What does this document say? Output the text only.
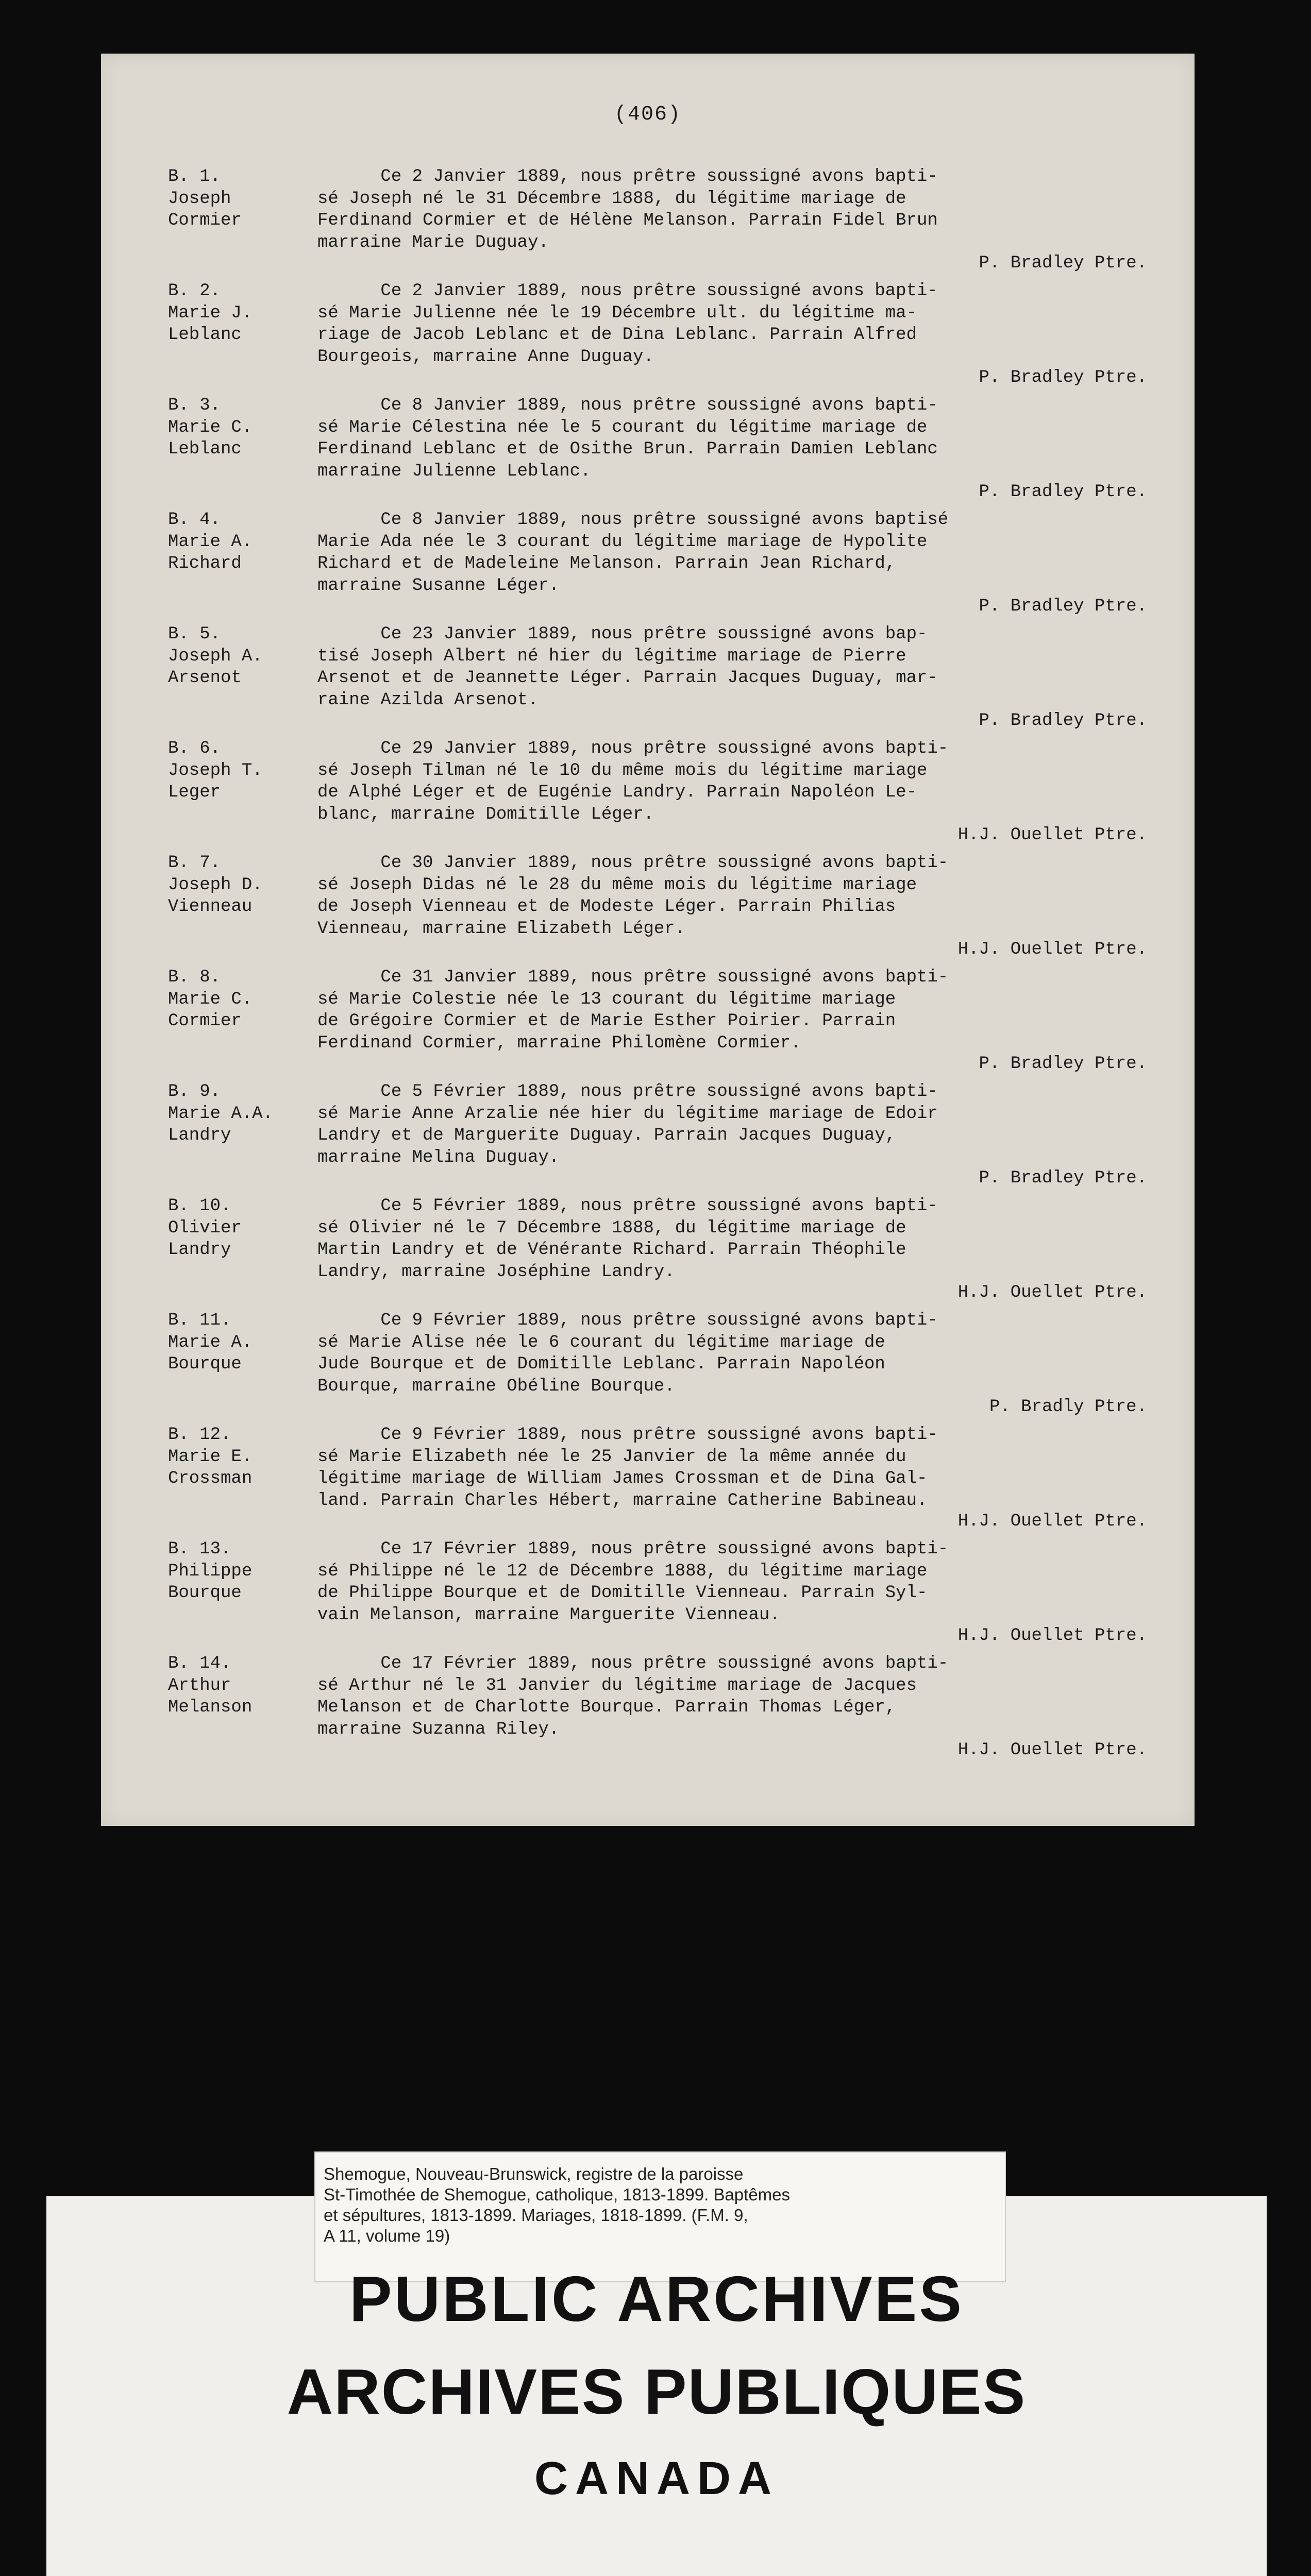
(406)
B. 1.
Joseph
Cormier
Ce 2 Janvier 1889, nous prêtre soussigné avons bapti-
sé Joseph né le 31 Décembre 1888, du légitime mariage de
Ferdinand Cormier et de Hélène Melanson. Parrain Fidel Brun
marraine Marie Duguay.
P. Bradley Ptre.
B. 2.
Marie J.
Leblanc
Ce 2 Janvier 1889, nous prêtre soussigné avons bapti-
sé Marie Julienne née le 19 Décembre ult. du légitime ma-
riage de Jacob Leblanc et de Dina Leblanc. Parrain Alfred
Bourgeois, marraine Anne Duguay.
P. Bradley Ptre.
B. 3.
Marie C.
Leblanc
Ce 8 Janvier 1889, nous prêtre soussigné avons bapti-
sé Marie Célestina née le 5 courant du légitime mariage de
Ferdinand Leblanc et de Osithe Brun. Parrain Damien Leblanc
marraine Julienne Leblanc.
P. Bradley Ptre.
B. 4.
Marie A.
Richard
Ce 8 Janvier 1889, nous prêtre soussigné avons baptisé
Marie Ada née le 3 courant du légitime mariage de Hypolite
Richard et de Madeleine Melanson. Parrain Jean Richard,
marraine Susanne Léger.
P. Bradley Ptre.
B. 5.
Joseph A.
Arsenot
Ce 23 Janvier 1889, nous prêtre soussigné avons bap-
tisé Joseph Albert né hier du légitime mariage de Pierre
Arsenot et de Jeannette Léger. Parrain Jacques Duguay, mar-
raine Azilda Arsenot.
P. Bradley Ptre.
B. 6.
Joseph T.
Leger
Ce 29 Janvier 1889, nous prêtre soussigné avons bapti-
sé Joseph Tilman né le 10 du même mois du légitime mariage
de Alphé Léger et de Eugénie Landry. Parrain Napoléon Le-
blanc, marraine Domitille Léger.
H.J. Ouellet Ptre.
B. 7.
Joseph D.
Vienneau
Ce 30 Janvier 1889, nous prêtre soussigné avons bapti-
sé Joseph Didas né le 28 du même mois du légitime mariage
de Joseph Vienneau et de Modeste Léger. Parrain Philias
Vienneau, marraine Elizabeth Léger.
H.J. Ouellet Ptre.
B. 8.
Marie C.
Cormier
Ce 31 Janvier 1889, nous prêtre soussigné avons bapti-
sé Marie Colestie née le 13 courant du légitime mariage
de Grégoire Cormier et de Marie Esther Poirier. Parrain
Ferdinand Cormier, marraine Philomène Cormier.
P. Bradley Ptre.
B. 9.
Marie A.A.
Landry
Ce 5 Février 1889, nous prêtre soussigné avons bapti-
sé Marie Anne Arzalie née hier du légitime mariage de Edoir
Landry et de Marguerite Duguay. Parrain Jacques Duguay,
marraine Melina Duguay.
P. Bradley Ptre.
B. 10.
Olivier
Landry
Ce 5 Février 1889, nous prêtre soussigné avons bapti-
sé Olivier né le 7 Décembre 1888, du légitime mariage de
Martin Landry et de Vénérante Richard. Parrain Théophile
Landry, marraine Joséphine Landry.
H.J. Ouellet Ptre.
B. 11.
Marie A.
Bourque
Ce 9 Février 1889, nous prêtre soussigné avons bapti-
sé Marie Alise née le 6 courant du légitime mariage de
Jude Bourque et de Domitille Leblanc. Parrain Napoléon
Bourque, marraine Obéline Bourque.
P. Bradly Ptre.
B. 12.
Marie E.
Crossman
Ce 9 Février 1889, nous prêtre soussigné avons bapti-
sé Marie Elizabeth née le 25 Janvier de la même année du
légitime mariage de William James Crossman et de Dina Gal-
land. Parrain Charles Hébert, marraine Catherine Babineau.
H.J. Ouellet Ptre.
B. 13.
Philippe
Bourque
Ce 17 Février 1889, nous prêtre soussigné avons bapti-
sé Philippe né le 12 de Décembre 1888, du légitime mariage
de Philippe Bourque et de Domitille Vienneau. Parrain Syl-
vain Melanson, marraine Marguerite Vienneau.
H.J. Ouellet Ptre.
B. 14.
Arthur
Melanson
Ce 17 Février 1889, nous prêtre soussigné avons bapti-
sé Arthur né le 31 Janvier du légitime mariage de Jacques
Melanson et de Charlotte Bourque. Parrain Thomas Léger,
marraine Suzanna Riley.
H.J. Ouellet Ptre.
Shemogue, Nouveau-Brunswick, registre de la paroisse
St-Timothée de Shemogue, catholique, 1813-1899. Baptêmes
et sépultures, 1813-1899. Mariages, 1818-1899. (F.M. 9,
A 11, volume 19)
PUBLIC ARCHIVES
ARCHIVES PUBLIQUES
CANADA
